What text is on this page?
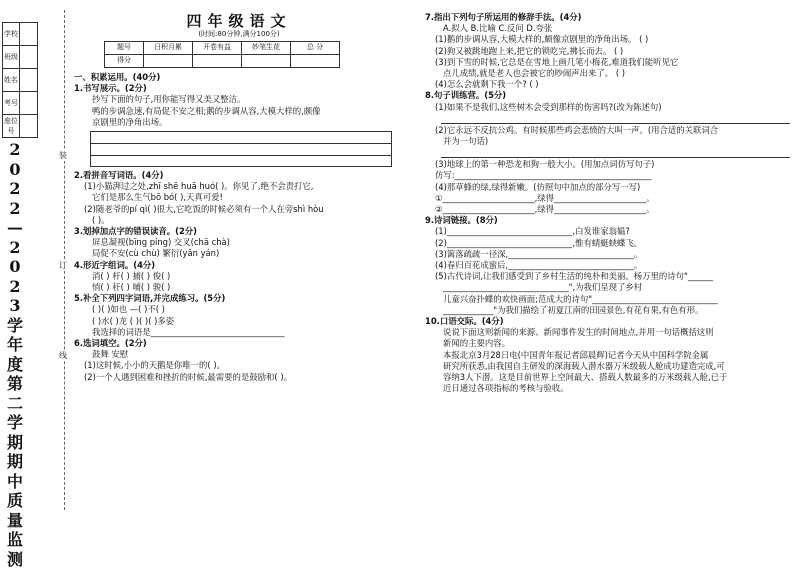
学校	
班级	
姓名	
考号	
座位号	
2022—2023学年度第二学期期中质量监测
装
订
线
四年级语文
(时间:80分钟,满分100分)
题号	日积月累	开卷有益	妙笔生花	总 分
得分				
一、积累运用。(40分)
1.书写展示。(2分)
抄写下面的句子,用你能写得又美又整洁。
鸭的步调急速,有局促不安之相;鹅的步调从容,大模大样的,颇像
京剧里的净角出场。
2.看拼音写词语。(4分)
(1)小猫湃过之处,zhī shē huā huó( )。你见了,绝不会责打它,
它们是那么生气bō bó( ),天真可爱!
(2)随老爷的pí qì( )很大,它吃饭的时候必须有一个人在旁shì hòu
( )。
3.划掉加点字的错误读音。(2分)
屏息凝视(bīng píng) 交叉(chā chà)
局促不安(cù chù) 繁衍(yǎn yán)
4.形近字组词。(4分)
消( ) 杆( ) 捕( ) 俊( )
悄( ) 秆( ) 哺( ) 骏( )
5.补全下列四字词语,并完成练习。(5分)
( )( )如也 —( )不( )
( )水( )龙 ( )( )( )多姿
我选择的词语是________________________________
6.选词填空。(2分)
鼓舞 安慰
(1)这时候,小小的天鹅是你唯一的( )。
(2)一个人遇到困难和挫折的时候,最需要的是鼓励和( )。
7.指出下列句子所运用的修辞手法。(4分)
A.拟人 B.比喻 C.反问 D.夸张
(1)鹅的步调从容,大模大样的,颇像京剧里的净角出场。 ( )
(2)狗又被跳地跑上来,把它的锁吃完,拂长而去。 ( )
(3)到下雪的时候,它总是在雪地上画几笔小梅花,难道我们能听见它
点儿成绩,就是老人也会被它的吵闹声出来了。 ( )
(4)怎么会就剩下我一个? ( )
8.句子训练营。(5分)
(1)如果不是我们,这些树木会受到那样的伤害吗?(改为陈述句)
(2)它永远不反抗公鸡。有时候那些鸡会悲愤的大叫一声。(用合适的关联词合
并为一句话)
(3)地球上的第一种恐龙和狗一般大小。(用加点词仿写句子)
仿写:_______________________________________________
(4)那草蜂的绿,绿得新嫩。(仿照句中加点的部分写一写)
①______________________,绿得______________________。
②______________________,绿得______________________。
9.诗词链接。(8分)
(1)______________________________,白发谁家翁媪?
(2)______________________________,惟有蜻蜓蛱蝶飞。
(3)篱落疏疏一径深,______________________________。
(4)春归百花成蜜后,______________________________。
(5)古代诗词,让我们感受到了乡村生活的纯朴和美丽。杨万里的诗句"______
______________________________",为我们呈现了乡村
儿童兴奋扑蝶的欢快画面;范成大的诗句"______________________________
____________"为我们描绘了初夏江南的田园景色,有花有果,有色有形。
10.口语交际。(4分)
说说下面这则新闻的来源、新闻事件发生的时间地点,并用一句话概括这则
新闻的主要内容。
本报北京3月28日电(中国青年报记者邱晨辉)记者今天从中国科学院金属
研究所获悉,由我国自主研发的深海载人潜水器万米级载人舱成功建造完成,可
容纳3人下潜。这是目前世界上空间最大、搭载人数最多的万米级载人舱,已于
近日通过各项指标的考核与验收。
